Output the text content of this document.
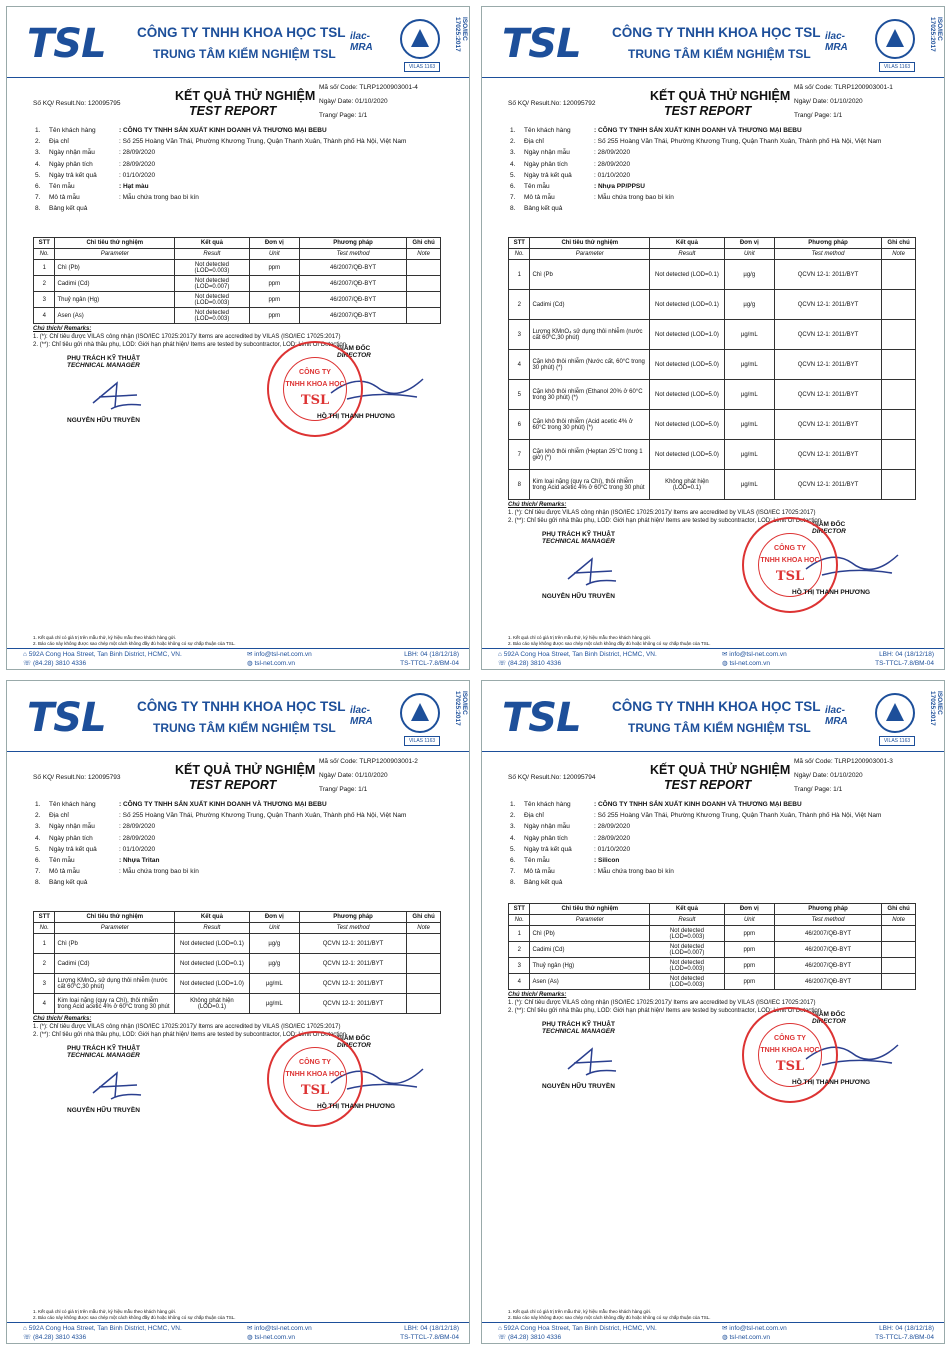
TSL CÔNG TY TNHH KHOA HỌC TSL
TRUNG TÂM KIỂM NGHIỆM TSL
ilac-MRA
VILAS 1163
ISO/IEC 17025:2017
KẾT QUẢ THỬ NGHIỆM
TEST REPORT
Mã số/ Code: TLRP1200903001-4
Ngày/ Date: 01/10/2020
Trang/ Page: 1/1
Số KQ/ Result.No: 120095795
1. Tên khách hàng	: CÔNG TY TNHH SẢN XUẤT KINH DOANH VÀ THƯƠNG MẠI BEBU
2. Địa chỉ	: Số 255 Hoàng Văn Thái, Phường Khương Trung, Quận Thanh Xuân, Thành phố Hà Nội, Việt Nam
3. Ngày nhận mẫu	: 28/09/2020
4. Ngày phân tích	: 28/09/2020
5. Ngày trả kết quả	: 01/10/2020
6. Tên mẫu	: Hạt màu
7. Mô tả mẫu	: Mẫu chứa trong bao bì kín
8. Bảng kết quả
STT	Chỉ tiêu thử nghiệm	Kết quả	Đơn vị	Phương pháp	Ghi chú
No.	Parameter	Result	Unit	Test method	Note
1	Chì (Pb)	Not detected (LOD=0.003)	ppm	46/2007/QĐ-BYT	
2	Cadimi (Cd)	Not detected (LOD=0.007)	ppm	46/2007/QĐ-BYT	
3	Thuỷ ngân (Hg)	Not detected (LOD=0.003)	ppm	46/2007/QĐ-BYT	
4	Asen (As)	Not detected (LOD=0.003)	ppm	46/2007/QĐ-BYT	
Chú thích/ Remarks:
1. (*): Chỉ tiêu được VILAS công nhận (ISO/IEC 17025:2017)/ Items are accredited by VILAS (ISO/IEC 17025:2017)
2. (**): Chỉ tiêu gửi nhà thầu phụ, LOD: Giới hạn phát hiện/ Items are tested by subcontractor, LOD: Limit Of Detection
PHỤ TRÁCH KỸ THUẬT
TECHNICAL MANAGER
GIÁM ĐỐC
DIRECTOR
CÔNG TY
TNHH KHOA HỌC
TSL
NGUYỄN HỮU TRUYỀN
HỒ THỊ THANH PHƯƠNG
1. Kết quả chỉ có giá trị trên mẫu thử, ký hiệu mẫu theo khách hàng gửi.
2. Báo cáo này không được sao chép một cách không đầy đủ hoặc không có sự chấp thuận của TSL.
⌂ 592A Cong Hoa Street, Tan Binh District, HCMC, VN.
☏ (84.28) 3810 4336
✉ info@tsl-net.com.vn
◍ tsl-net.com.vn
LBH: 04 (18/12/18)
TS-TTCL-7.8/BM-04
TSL CÔNG TY TNHH KHOA HỌC TSL
TRUNG TÂM KIỂM NGHIỆM TSL
ilac-MRA
VILAS 1163
ISO/IEC 17025:2017
KẾT QUẢ THỬ NGHIỆM
TEST REPORT
Mã số/ Code: TLRP1200903001-1
Ngày/ Date: 01/10/2020
Trang/ Page: 1/1
Số KQ/ Result.No: 120095792
1. Tên khách hàng	: CÔNG TY TNHH SẢN XUẤT KINH DOANH VÀ THƯƠNG MẠI BEBU
2. Địa chỉ	: Số 255 Hoàng Văn Thái, Phường Khương Trung, Quận Thanh Xuân, Thành phố Hà Nội, Việt Nam
3. Ngày nhận mẫu	: 28/09/2020
4. Ngày phân tích	: 28/09/2020
5. Ngày trả kết quả	: 01/10/2020
6. Tên mẫu	: Nhựa PP/PPSU
7. Mô tả mẫu	: Mẫu chứa trong bao bì kín
8. Bảng kết quả
STT	Chỉ tiêu thử nghiệm	Kết quả	Đơn vị	Phương pháp	Ghi chú
No.	Parameter	Result	Unit	Test method	Note
1	Chì (Pb	Not detected (LOD=0.1)	µg/g	QCVN 12-1: 2011/BYT	
2	Cadimi (Cd)	Not detected (LOD=0.1)	µg/g	QCVN 12-1: 2011/BYT	
3	Lượng KMnO₄ sử dụng thôi nhiễm (nước cất 60°C,30 phút)	Not detected (LOD=1.0)	µg/mL	QCVN 12-1: 2011/BYT	
4	Cặn khô thôi nhiễm (Nước cất, 60°C trong 30 phút) (*)	Not detected (LOD=5.0)	µg/mL	QCVN 12-1: 2011/BYT	
5	Cặn khô thôi nhiễm (Ethanol 20% ở 60°C trong 30 phút) (*)	Not detected (LOD=5.0)	µg/mL	QCVN 12-1: 2011/BYT	
6	Cặn khô thôi nhiễm (Acid acetic 4% ở 60°C trong 30 phút) (*)	Not detected (LOD=5.0)	µg/mL	QCVN 12-1: 2011/BYT	
7	Cặn khô thôi nhiễm (Heptan 25°C trong 1 giờ) (*)	Not detected (LOD=5.0)	µg/mL	QCVN 12-1: 2011/BYT	
8	Kim loại nặng (quy ra Chì), thôi nhiễm trong Acid acetic 4% ở 60°C trong 30 phút	Không phát hiện (LOD=0.1)	µg/mL	QCVN 12-1: 2011/BYT	
Chú thích/ Remarks:
1. (*): Chỉ tiêu được VILAS công nhận (ISO/IEC 17025:2017)/ Items are accredited by VILAS (ISO/IEC 17025:2017)
2. (**): Chỉ tiêu gửi nhà thầu phụ, LOD: Giới hạn phát hiện/ Items are tested by subcontractor, LOD: Limit Of Detection
PHỤ TRÁCH KỸ THUẬT
TECHNICAL MANAGER
GIÁM ĐỐC
DIRECTOR
CÔNG TY
TNHH KHOA HỌC
TSL
NGUYỄN HỮU TRUYỀN
HỒ THỊ THANH PHƯƠNG
1. Kết quả chỉ có giá trị trên mẫu thử, ký hiệu mẫu theo khách hàng gửi.
2. Báo cáo này không được sao chép một cách không đầy đủ hoặc không có sự chấp thuận của TSL.
⌂ 592A Cong Hoa Street, Tan Binh District, HCMC, VN.
☏ (84.28) 3810 4336
✉ info@tsl-net.com.vn
◍ tsl-net.com.vn
LBH: 04 (18/12/18)
TS-TTCL-7.8/BM-04
TSL CÔNG TY TNHH KHOA HỌC TSL
TRUNG TÂM KIỂM NGHIỆM TSL
ilac-MRA
VILAS 1163
ISO/IEC 17025:2017
KẾT QUẢ THỬ NGHIỆM
TEST REPORT
Mã số/ Code: TLRP1200903001-2
Ngày/ Date: 01/10/2020
Trang/ Page: 1/1
Số KQ/ Result.No: 120095793
1. Tên khách hàng	: CÔNG TY TNHH SẢN XUẤT KINH DOANH VÀ THƯƠNG MẠI BEBU
2. Địa chỉ	: Số 255 Hoàng Văn Thái, Phường Khương Trung, Quận Thanh Xuân, Thành phố Hà Nội, Việt Nam
3. Ngày nhận mẫu	: 28/09/2020
4. Ngày phân tích	: 28/09/2020
5. Ngày trả kết quả	: 01/10/2020
6. Tên mẫu	: Nhựa Tritan
7. Mô tả mẫu	: Mẫu chứa trong bao bì kín
8. Bảng kết quả
STT	Chỉ tiêu thử nghiệm	Kết quả	Đơn vị	Phương pháp	Ghi chú
No.	Parameter	Result	Unit	Test method	Note
1	Chì (Pb	Not detected (LOD=0.1)	µg/g	QCVN 12-1: 2011/BYT	
2	Cadimi (Cd)	Not detected (LOD=0.1)	µg/g	QCVN 12-1: 2011/BYT	
3	Lượng KMnO₄ sử dụng thôi nhiễm (nước cất 60°C,30 phút)	Not detected (LOD=1.0)	µg/mL	QCVN 12-1: 2011/BYT	
4	Kim loại nặng (quy ra Chì), thôi nhiễm trong Acid acetic 4% ở 60°C trong 30 phút	Không phát hiện (LOD=0.1)	µg/mL	QCVN 12-1: 2011/BYT	
Chú thích/ Remarks:
1. (*): Chỉ tiêu được VILAS công nhận (ISO/IEC 17025:2017)/ Items are accredited by VILAS (ISO/IEC 17025:2017)
2. (**): Chỉ tiêu gửi nhà thầu phụ, LOD: Giới hạn phát hiện/ Items are tested by subcontractor, LOD: Limit Of Detection
PHỤ TRÁCH KỸ THUẬT
TECHNICAL MANAGER
GIÁM ĐỐC
DIRECTOR
CÔNG TY
TNHH KHOA HỌC
TSL
NGUYỄN HỮU TRUYỀN
HỒ THỊ THANH PHƯƠNG
1. Kết quả chỉ có giá trị trên mẫu thử, ký hiệu mẫu theo khách hàng gửi.
2. Báo cáo này không được sao chép một cách không đầy đủ hoặc không có sự chấp thuận của TSL.
⌂ 592A Cong Hoa Street, Tan Binh District, HCMC, VN.
☏ (84.28) 3810 4336
✉ info@tsl-net.com.vn
◍ tsl-net.com.vn
LBH: 04 (18/12/18)
TS-TTCL-7.8/BM-04
TSL CÔNG TY TNHH KHOA HỌC TSL
TRUNG TÂM KIỂM NGHIỆM TSL
ilac-MRA
VILAS 1163
ISO/IEC 17025:2017
KẾT QUẢ THỬ NGHIỆM
TEST REPORT
Mã số/ Code: TLRP1200903001-3
Ngày/ Date: 01/10/2020
Trang/ Page: 1/1
Số KQ/ Result.No: 120095794
1. Tên khách hàng	: CÔNG TY TNHH SẢN XUẤT KINH DOANH VÀ THƯƠNG MẠI BEBU
2. Địa chỉ	: Số 255 Hoàng Văn Thái, Phường Khương Trung, Quận Thanh Xuân, Thành phố Hà Nội, Việt Nam
3. Ngày nhận mẫu	: 28/09/2020
4. Ngày phân tích	: 28/09/2020
5. Ngày trả kết quả	: 01/10/2020
6. Tên mẫu	: Silicon
7. Mô tả mẫu	: Mẫu chứa trong bao bì kín
8. Bảng kết quả
STT	Chỉ tiêu thử nghiệm	Kết quả	Đơn vị	Phương pháp	Ghi chú
No.	Parameter	Result	Unit	Test method	Note
1	Chì (Pb)	Not detected (LOD=0.003)	ppm	46/2007/QĐ-BYT	
2	Cadimi (Cd)	Not detected (LOD=0.007)	ppm	46/2007/QĐ-BYT	
3	Thuỷ ngân (Hg)	Not detected (LOD=0.003)	ppm	46/2007/QĐ-BYT	
4	Asen (As)	Not detected (LOD=0.003)	ppm	46/2007/QĐ-BYT	
Chú thích/ Remarks:
1. (*): Chỉ tiêu được VILAS công nhận (ISO/IEC 17025:2017)/ Items are accredited by VILAS (ISO/IEC 17025:2017)
2. (**): Chỉ tiêu gửi nhà thầu phụ, LOD: Giới hạn phát hiện/ Items are tested by subcontractor, LOD: Limit Of Detection
PHỤ TRÁCH KỸ THUẬT
TECHNICAL MANAGER
GIÁM ĐỐC
DIRECTOR
CÔNG TY
TNHH KHOA HỌC
TSL
NGUYỄN HỮU TRUYỀN
HỒ THỊ THANH PHƯƠNG
1. Kết quả chỉ có giá trị trên mẫu thử, ký hiệu mẫu theo khách hàng gửi.
2. Báo cáo này không được sao chép một cách không đầy đủ hoặc không có sự chấp thuận của TSL.
⌂ 592A Cong Hoa Street, Tan Binh District, HCMC, VN.
☏ (84.28) 3810 4336
✉ info@tsl-net.com.vn
◍ tsl-net.com.vn
LBH: 04 (18/12/18)
TS-TTCL-7.8/BM-04
